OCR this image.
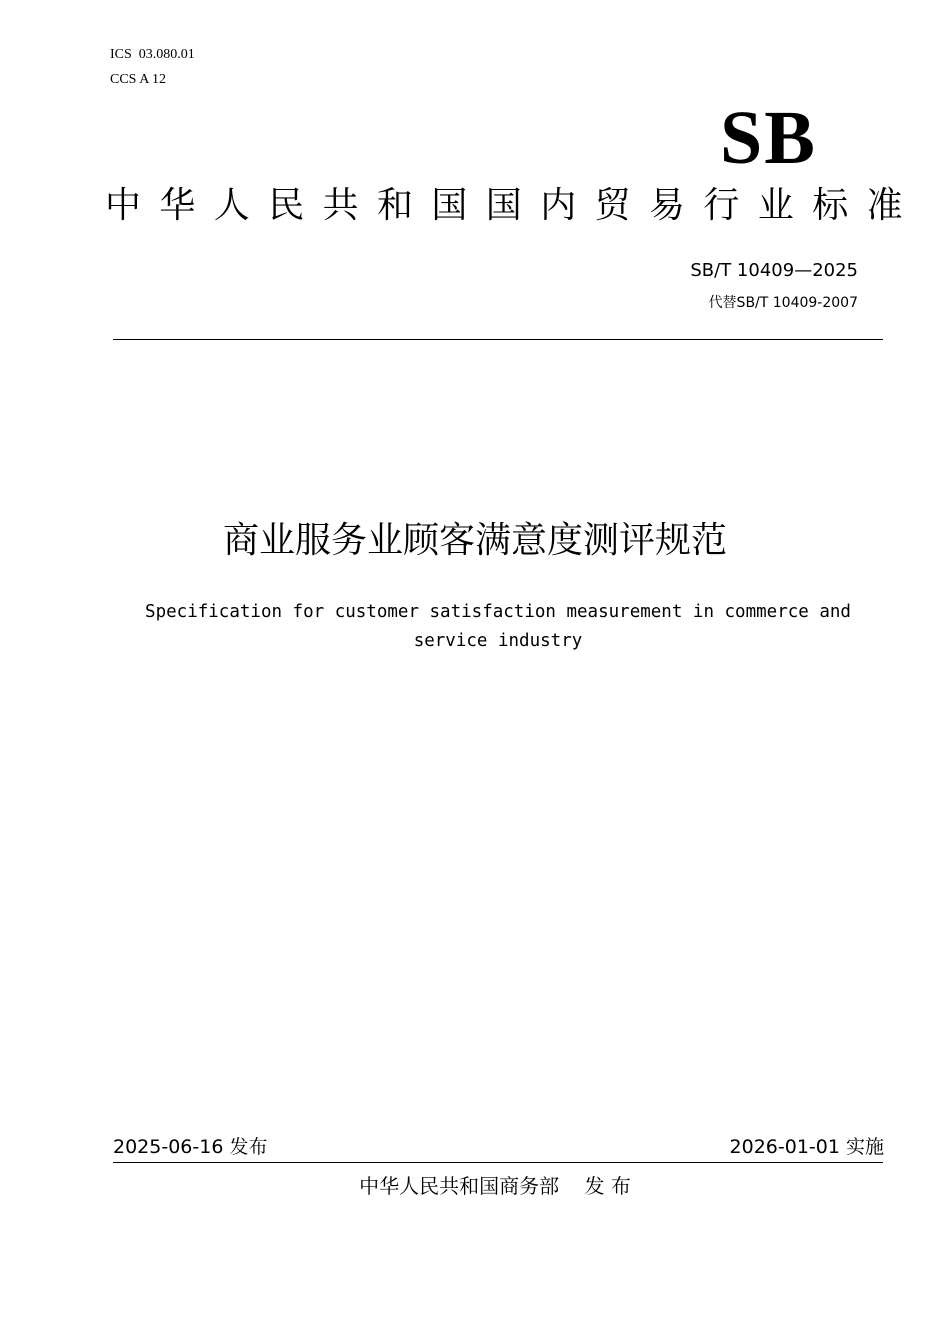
ICS  03.080.01
CCS A 12
SB
中华人民共和国国内贸易行业标准
SB/T 10409—2025
代替SB/T 10409-2007
商业服务业顾客满意度测评规范
Specification for customer satisfaction measurement in commerce and service industry
2025-06-16 发布	2026-01-01 实施
中华人民共和国商务部    发 布
